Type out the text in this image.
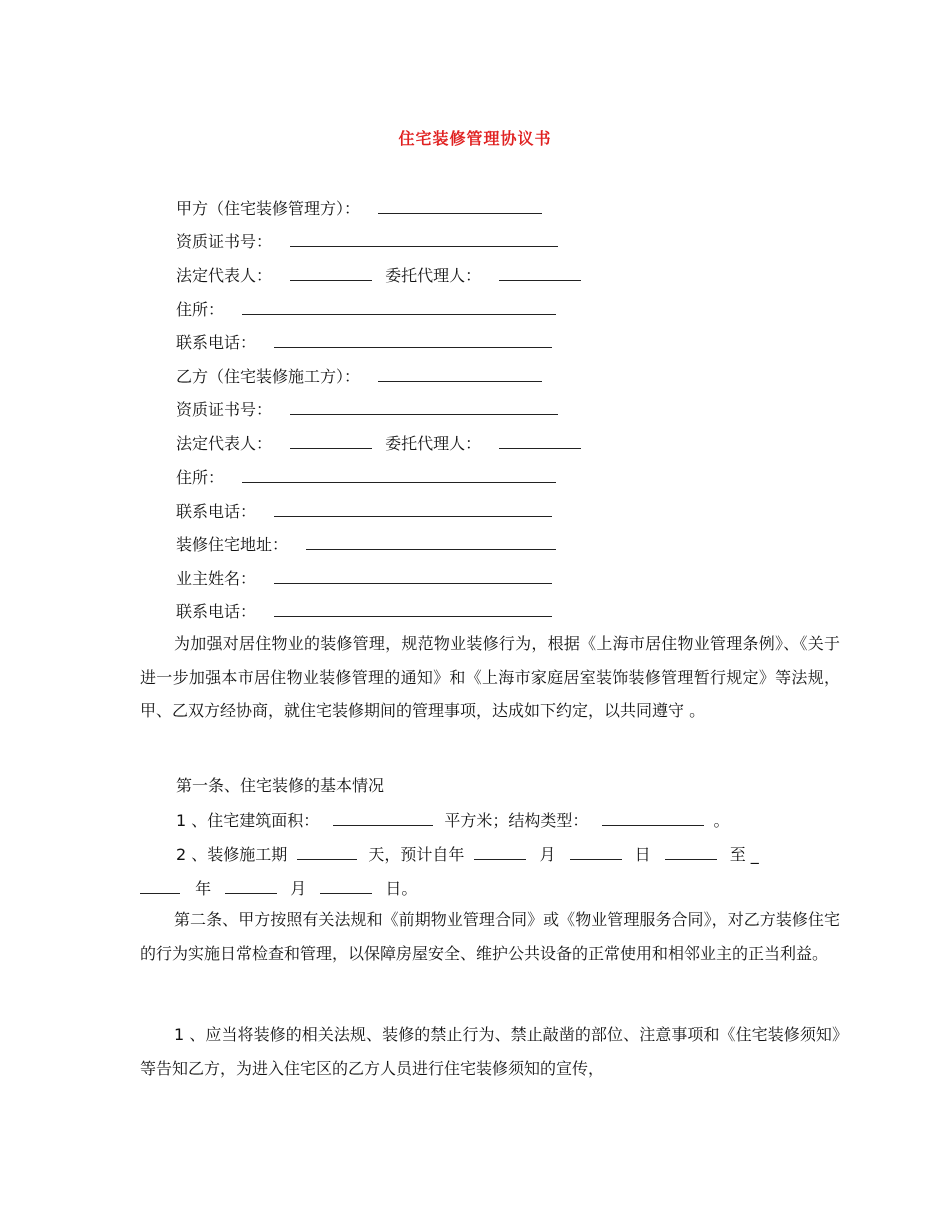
住宅装修管理协议书
甲方（住宅装修管理方）：
资质证书号：
法定代表人：	委托代理人：
住所：
联系电话：
乙方（住宅装修施工方）：
资质证书号：
法定代表人：	委托代理人：
住所：
联系电话：
装修住宅地址：
业主姓名：
联系电话：
为加强对居住物业的装修管理，规范物业装修行为，根据《上海市居住物业管理条例》、《关于进一步加强本市居住物业装修管理的通知》和《上海市家庭居室装饰装修管理暂行规定》等法规，甲、乙双方经协商，就住宅装修期间的管理事项，达成如下约定，以共同遵守 。
第一条、住宅装修的基本情况
1 、住宅建筑面积：	平方米；结构类型：	。
2 、装修施工期	天，预计自年	月	日	至 _
年	月	日。
第二条、甲方按照有关法规和《前期物业管理合同》或《物业管理服务合同》，对乙方装修住宅的行为实施日常检查和管理，以保障房屋安全、维护公共设备的正常使用和相邻业主的正当利益。
1 、应当将装修的相关法规、装修的禁止行为、禁止敲凿的部位、注意事项和《住宅装修须知》等告知乙方，为进入住宅区的乙方人员进行住宅装修须知的宣传，
